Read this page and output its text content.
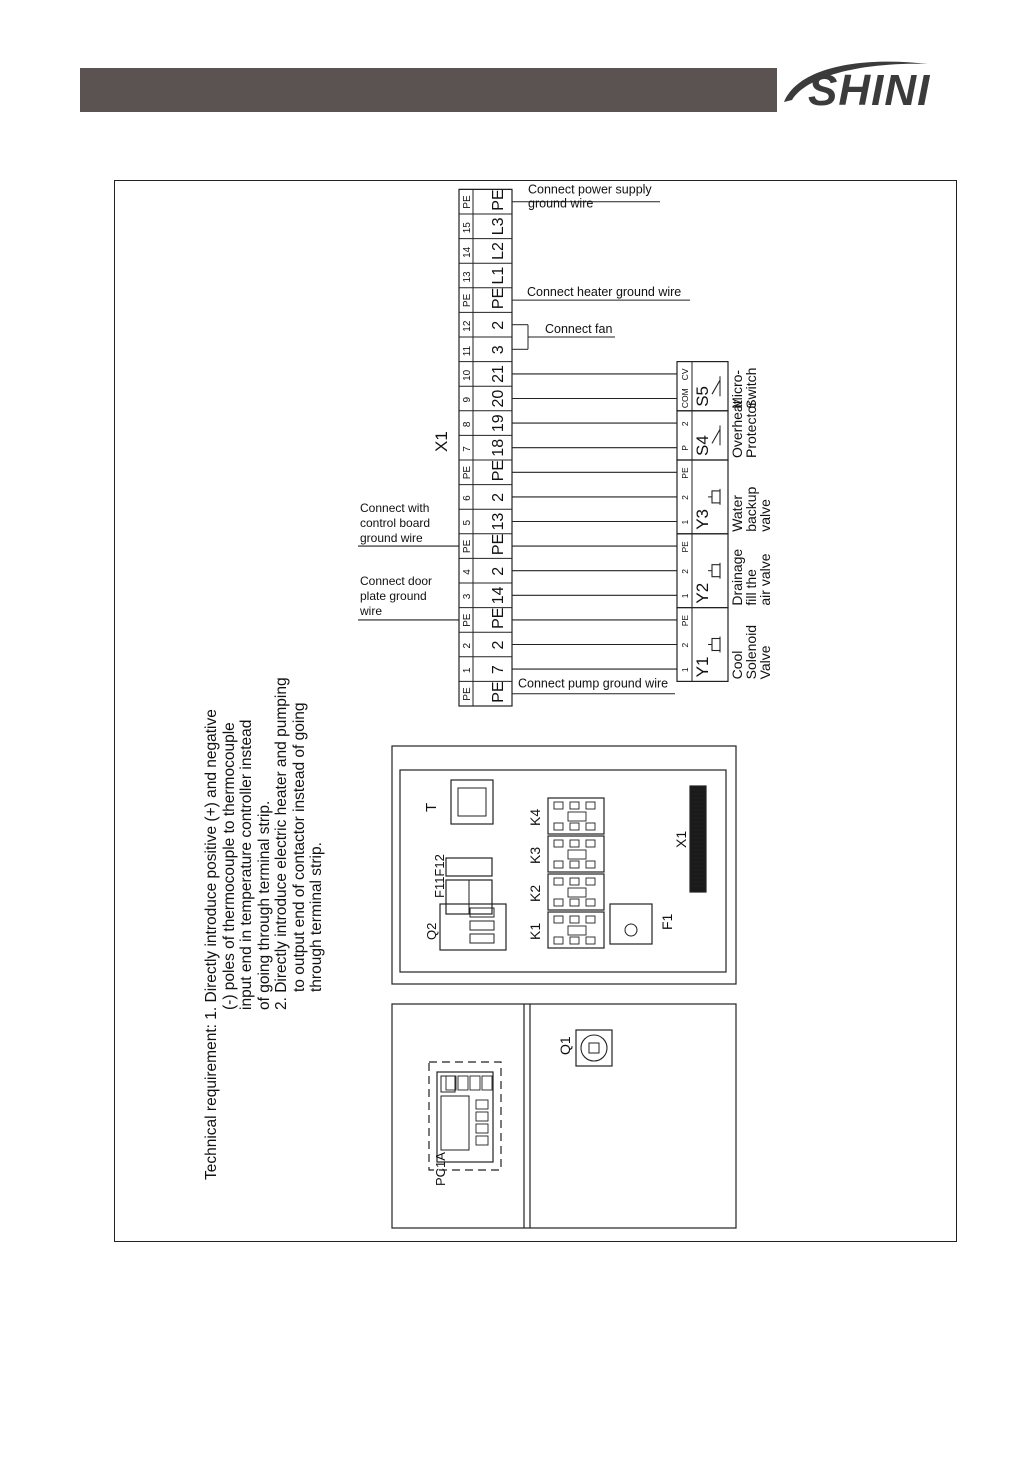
SHINI
PE PE
1 7
2 2
PE PE
3 14
4 2
PE PE
5 13
6 2
PE PE
7 18
8 19
9 20
10 21
11 3
12 2
PE PE
13 L1
14 L2
15 L3
PE PE
X1
1
2
PE
Y1 Cool
Solenoid
Valve
1
2
PE
Y2 Drainage
fill the
air valve
1
2
PE
Y3 Water
backup
valve
P
2
S4 Overheat
Protector
COM
CV
S5 Micro-
Switch
Connect pump ground wire
Connect door
plate ground
wire
Connect with
control board
ground wire
Connect fan
Connect heater ground wire
Connect power supply
ground wire
T
F11F12
Q2	K1
K2
K3
K4
F1
X1
PC1A
Q1
Technical requirement: 1. Directly introduce positive (+) and negative (-) poles of thermocouple to thermocouple input end in temperature controller instead of going through terminal strip. 2. Directly introduce electric heater and pumping to output end of contactor instead of going through terminal strip.
